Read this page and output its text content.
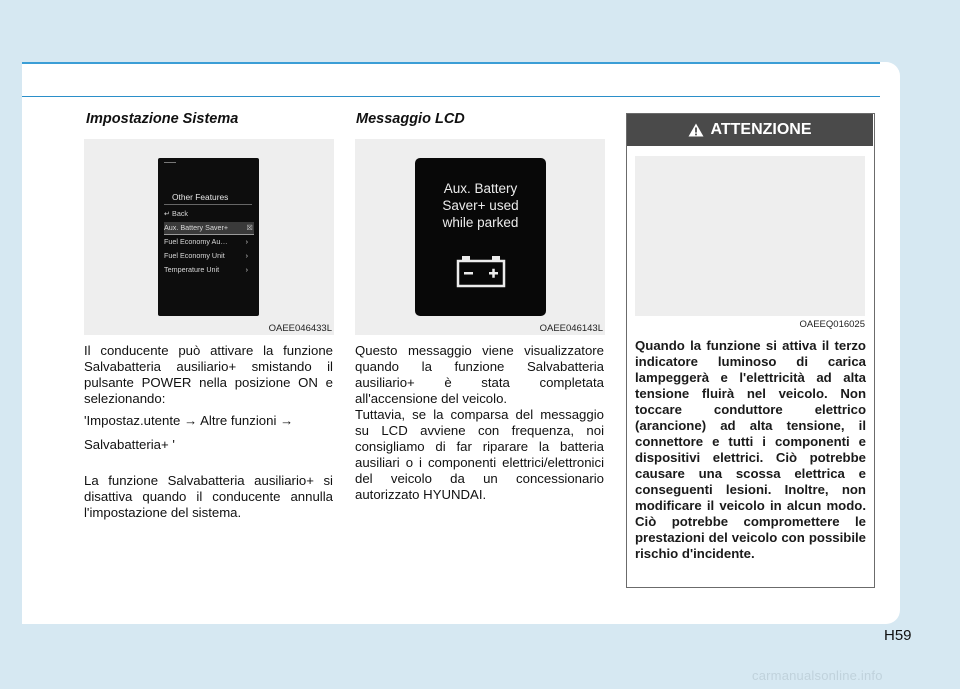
Impostazione Sistema
Other Features
↵ Back
Aux. Battery Saver+	☒
Fuel Economy Au…	›
Fuel Economy Unit	›
Temperature Unit	›
OAEE046433L

Il conducente può attivare la funzione Salvabatteria ausiliario+ smistando il pulsante POWER nella posizione ON e selezionando:

'Impostaz.utente → Altre funzioni →

Salvabatteria+ '

La funzione Salvabatteria ausiliario+ si disattiva quando il conducente annulla l'impostazione del sistema.

Messaggio LCD
Aux. Battery
Saver+ used
while parked
OAEE046143L

Questo messaggio viene visualizzatore quando la funzione Salvabatteria ausiliario+ è stata completata all'accensione del veicolo.

Tuttavia, se la comparsa del messaggio su LCD avviene con frequenza, noi consigliamo di far riparare la batteria ausiliari o i componenti elettrici/elettronici del veicolo da un concessionario autorizzato HYUNDAI.

ATTENZIONE
OAEEQ016025
Quando la funzione si attiva il terzo indicatore luminoso di carica lampeggerà e l'elettricità ad alta tensione fluirà nel veicolo. Non toccare conduttore elettrico (arancione) ad alta tensione, il connettore e tutti i componenti e dispositivi elettrici. Ciò potrebbe causare una scossa elettrica e conseguenti lesioni. Inoltre, non modificare il veicolo in alcun modo. Ciò potrebbe compromettere le prestazioni del veicolo con possibile rischio d'incidente.
H59
carmanualsonline.info
